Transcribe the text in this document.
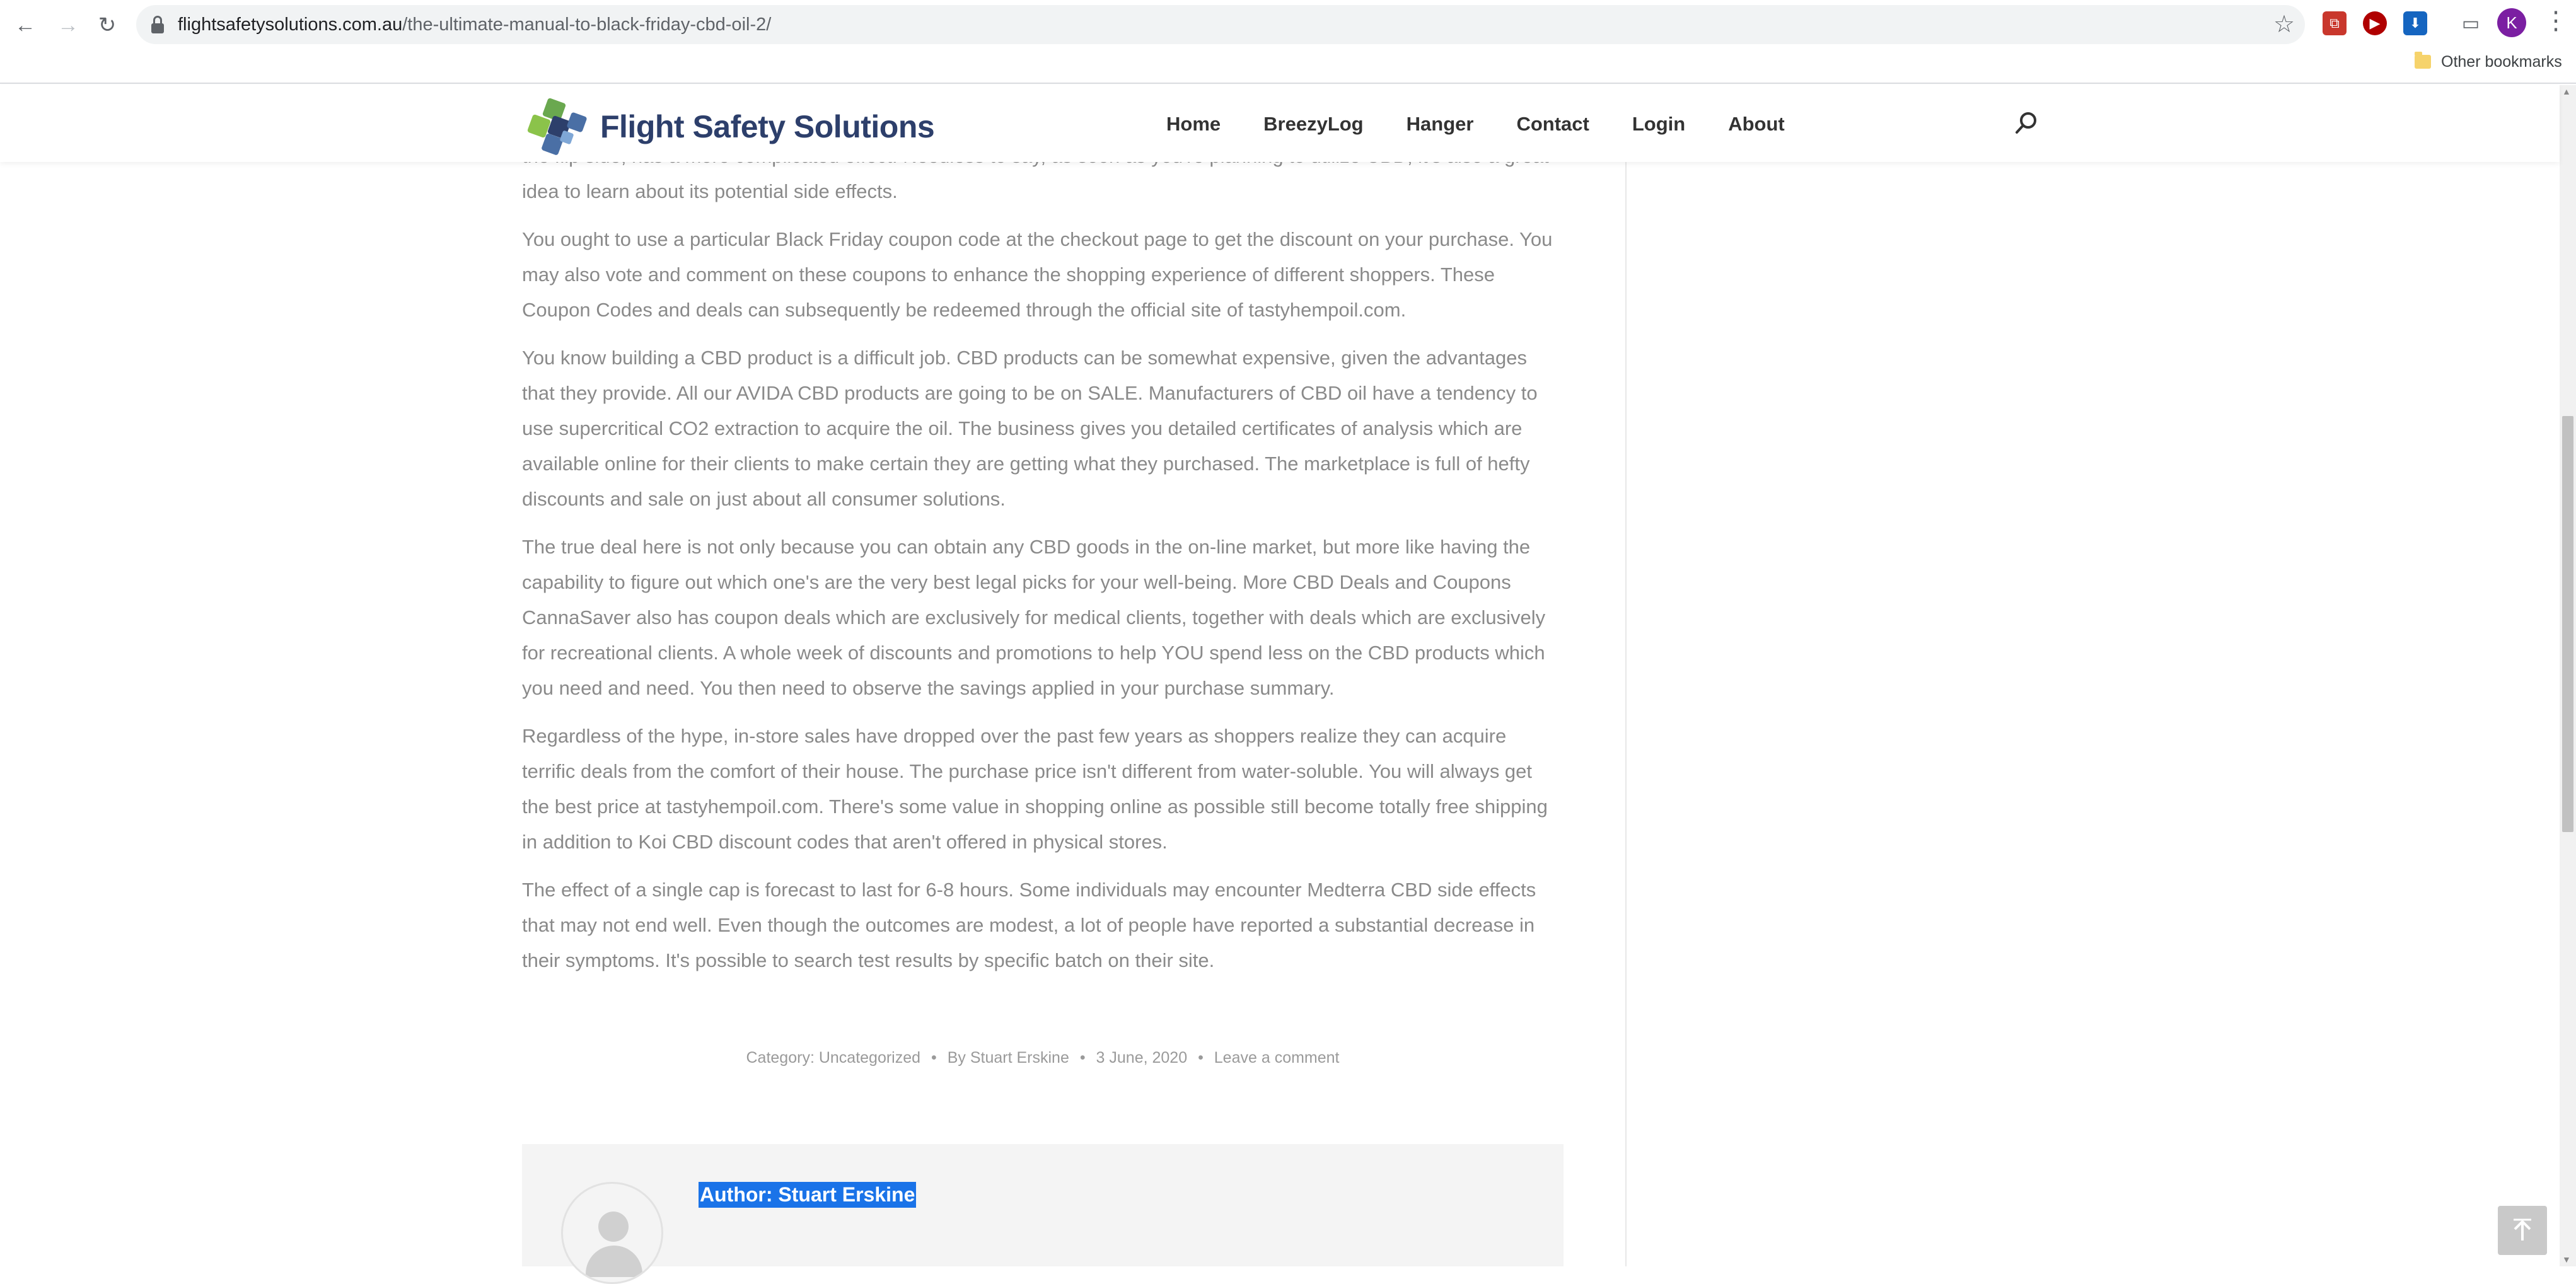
← → ↻	flightsafetysolutions.com.au/the-ultimate-manual-to-black-friday-cbd-oil-2/	☆	⧉	▶	⬇	▭	K	⋮
Other bookmarks
Flight Safety Solutions	Home BreezyLog Hanger Contact Login About

idea to learn about its potential side effects.

You ought to use a particular Black Friday coupon code at the checkout page to get the discount on your purchase. You may also vote and comment on these coupons to enhance the shopping experience of different shoppers. These Coupon Codes and deals can subsequently be redeemed through the official site of tastyhempoil.com.

You know building a CBD product is a difficult job. CBD products can be somewhat expensive, given the advantages that they provide. All our AVIDA CBD products are going to be on SALE. Manufacturers of CBD oil have a tendency to use supercritical CO2 extraction to acquire the oil. The business gives you detailed certificates of analysis which are available online for their clients to make certain they are getting what they purchased. The marketplace is full of hefty discounts and sale on just about all consumer solutions.

The true deal here is not only because you can obtain any CBD goods in the on-line market, but more like having the capability to figure out which one's are the very best legal picks for your well-being. More CBD Deals and Coupons CannaSaver also has coupon deals which are exclusively for medical clients, together with deals which are exclusively for recreational clients. A whole week of discounts and promotions to help YOU spend less on the CBD products which you need and need. You then need to observe the savings applied in your purchase summary.

Regardless of the hype, in-store sales have dropped over the past few years as shoppers realize they can acquire terrific deals from the comfort of their house. The purchase price isn't different from water-soluble. You will always get the best price at tastyhempoil.com. There's some value in shopping online as possible still become totally free shipping in addition to Koi CBD discount codes that aren't offered in physical stores.

The effect of a single cap is forecast to last for 6-8 hours. Some individuals may encounter Medterra CBD side effects that may not end well. Even though the outcomes are modest, a lot of people have reported a substantial decrease in their symptoms. It's possible to search test results by specific batch on their site.

Category: Uncategorized • By Stuart Erskine • 3 June, 2020 • Leave a comment
Author: Stuart Erskine
▲
▼
